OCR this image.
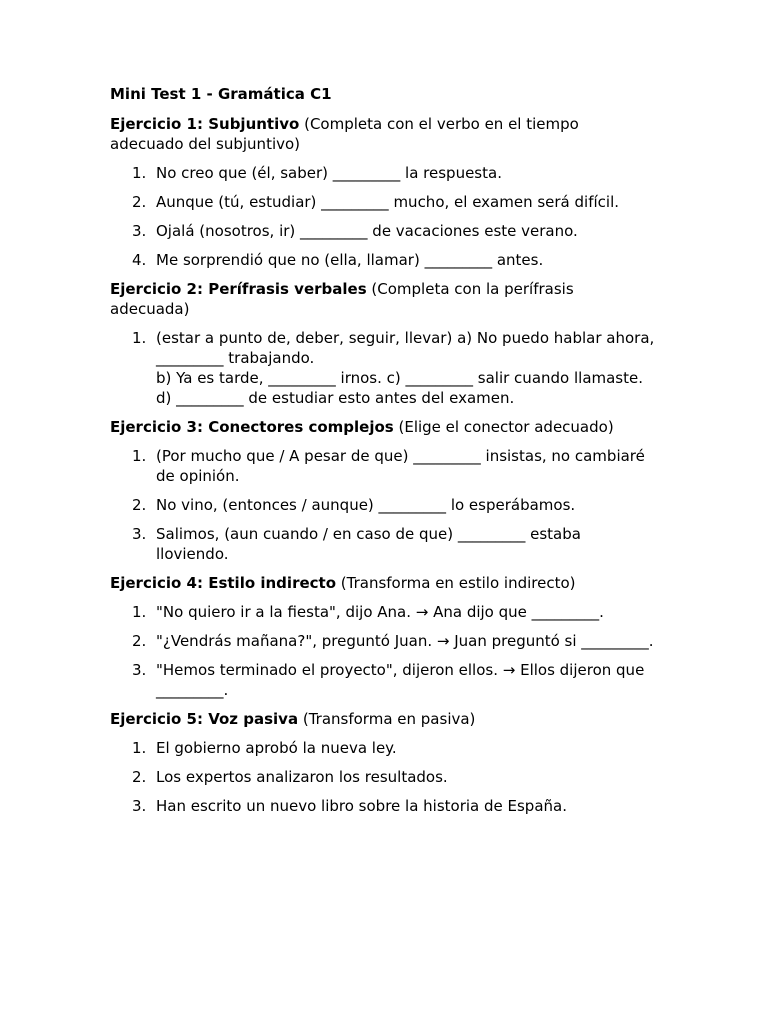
Mini Test 1 - Gramática C1
Ejercicio 1: Subjuntivo (Completa con el verbo en el tiempo adecuado del subjuntivo)
1. No creo que (él, saber) _________ la respuesta.
2. Aunque (tú, estudiar) _________ mucho, el examen será difícil.
3. Ojalá (nosotros, ir) _________ de vacaciones este verano.
4. Me sorprendió que no (ella, llamar) _________ antes.
Ejercicio 2: Perífrasis verbales (Completa con la perífrasis adecuada)
1. (estar a punto de, deber, seguir, llevar) a) No puedo hablar ahora, _________ trabajando.
b) Ya es tarde, _________ irnos. c) _________ salir cuando llamaste. d) _________ de estudiar esto antes del examen.
Ejercicio 3: Conectores complejos (Elige el conector adecuado)
1. (Por mucho que / A pesar de que) _________ insistas, no cambiaré de opinión.
2. No vino, (entonces / aunque) _________ lo esperábamos.
3. Salimos, (aun cuando / en caso de que) _________ estaba lloviendo.
Ejercicio 4: Estilo indirecto (Transforma en estilo indirecto)
1. "No quiero ir a la fiesta", dijo Ana. → Ana dijo que _________.
2. "¿Vendrás mañana?", preguntó Juan. → Juan preguntó si _________.
3. "Hemos terminado el proyecto", dijeron ellos. → Ellos dijeron que _________.
Ejercicio 5: Voz pasiva (Transforma en pasiva)
1. El gobierno aprobó la nueva ley.
2. Los expertos analizaron los resultados.
3. Han escrito un nuevo libro sobre la historia de España.
